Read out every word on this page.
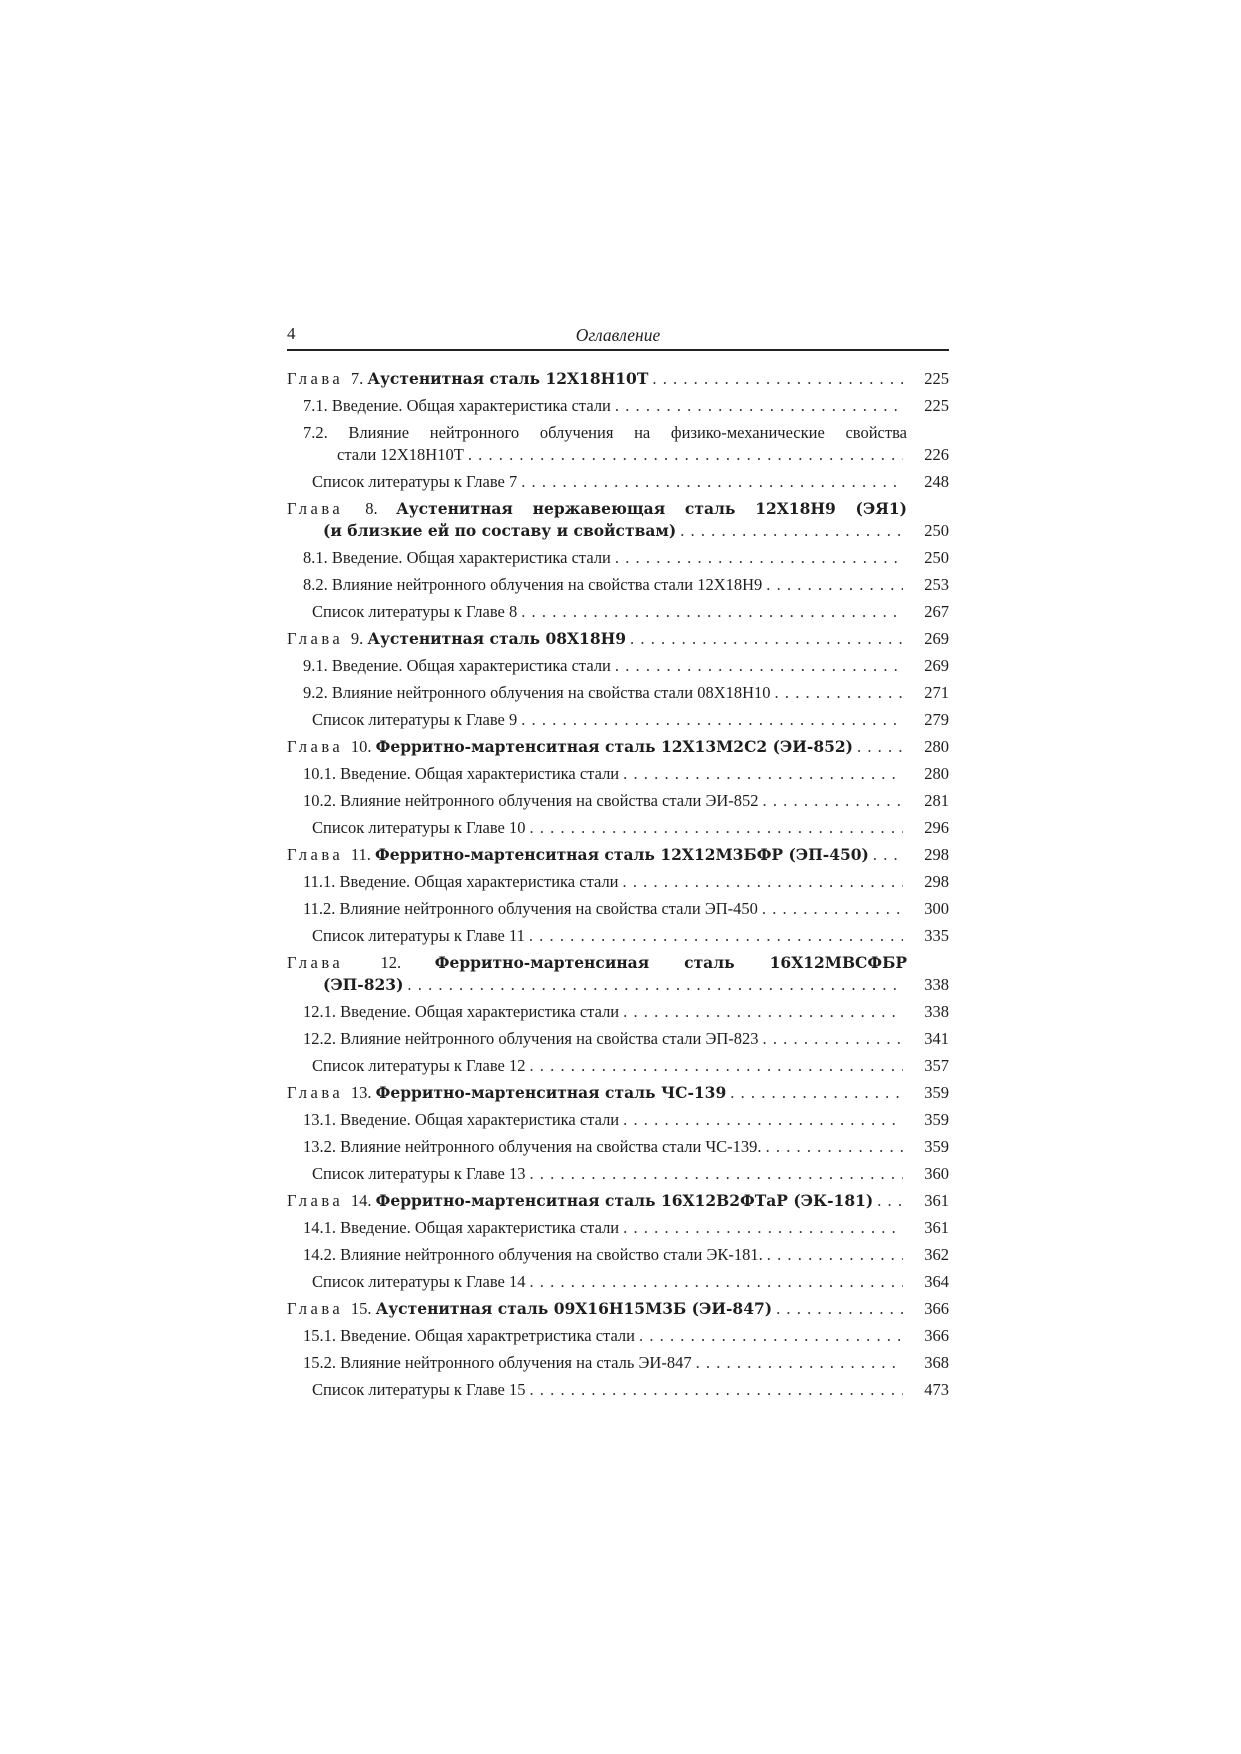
4	Оглавление
Глава 7. Аустенитная сталь 12Х18Н10Т .....	225
7.1. Введение. Общая характеристика стали .....	225
7.2. Влияние нейтронного облучения на физико-механические свойства
стали 12Х18Н10Т .....	226
Список литературы к Главе 7 .....	248
Глава 8. Аустенитная нержавеющая сталь 12Х18Н9 (ЭЯ1)
(и близкие ей по составу и свойствам) .....	250
8.1. Введение. Общая характеристика стали .....	250
8.2. Влияние нейтронного облучения на свойства стали 12Х18Н9 .....	253
Список литературы к Главе 8 .....	267
Глава 9. Аустенитная сталь 08Х18Н9 .....	269
9.1. Введение. Общая характеристика стали .....	269
9.2. Влияние нейтронного облучения на свойства стали 08Х18Н10 .....	271
Список литературы к Главе 9 .....	279
Глава 10. Ферритно-мартенситная сталь 12Х13М2С2 (ЭИ-852) .....	280
10.1. Введение. Общая характеристика стали .....	280
10.2. Влияние нейтронного облучения на свойства стали ЭИ-852 .....	281
Список литературы к Главе 10 .....	296
Глава 11. Ферритно-мартенситная сталь 12Х12М3БФР (ЭП-450) .....	298
11.1. Введение. Общая характеристика стали .....	298
11.2. Влияние нейтронного облучения на свойства стали ЭП-450 .....	300
Список литературы к Главе 11 .....	335
Глава 12. Ферритно-мартенсиная сталь 16Х12МВСФБР
(ЭП-823) .....	338
12.1. Введение. Общая характеристика стали .....	338
12.2. Влияние нейтронного облучения на свойства стали ЭП-823 .....	341
Список литературы к Главе 12 .....	357
Глава 13. Ферритно-мартенситная сталь ЧС-139 .....	359
13.1. Введение. Общая характеристика стали .....	359
13.2. Влияние нейтронного облучения на свойства стали ЧС-139. .....	359
Список литературы к Главе 13 .....	360
Глава 14. Ферритно-мартенситная сталь 16Х12В2ФТаР (ЭК-181) .....	361
14.1. Введение. Общая характеристика стали .....	361
14.2. Влияние нейтронного облучения на свойство стали ЭК-181. .....	362
Список литературы к Главе 14 .....	364
Глава 15. Аустенитная сталь 09Х16Н15М3Б (ЭИ-847) .....	366
15.1. Введение. Общая характретристика стали .....	366
15.2. Влияние нейтронного облучения на сталь ЭИ-847 .....	368
Список литературы к Главе 15 .....	473
